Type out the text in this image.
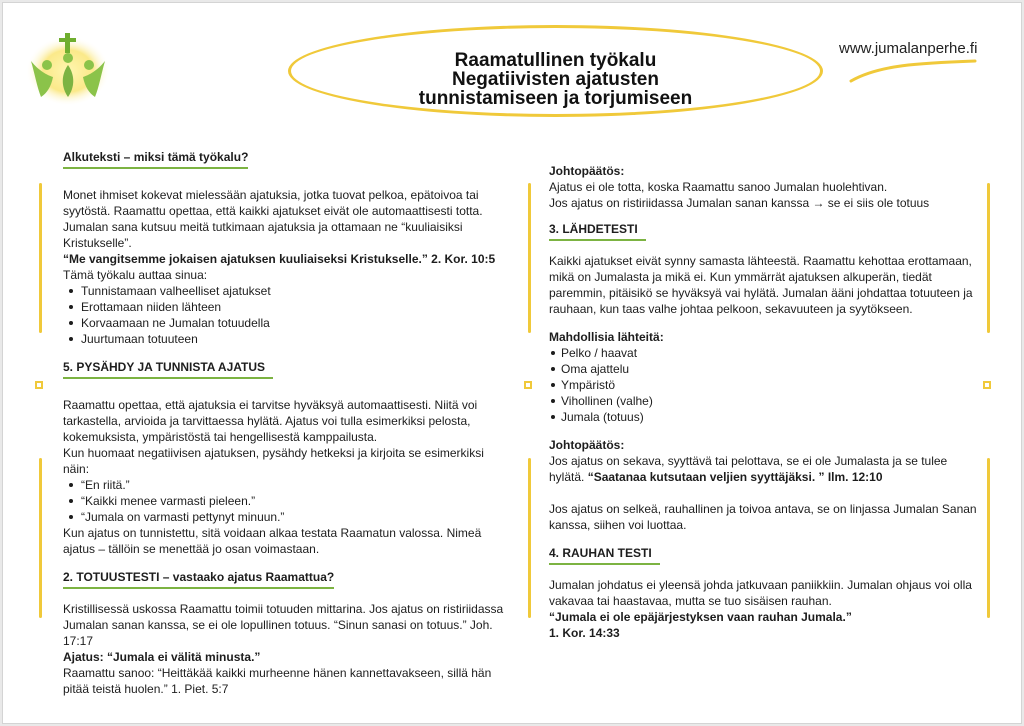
Raamatullinen työkalu
Negatiivisten ajatusten
tunnistamiseen ja torjumiseen
www.jumalanperhe.fi
Alkuteksti – miksi tämä työkalu?

Monet ihmiset kokevat mielessään ajatuksia, jotka tuovat pelkoa, epätoivoa tai syytöstä. Raamattu opettaa, että kaikki ajatukset eivät ole automaattisesti totta. Jumalan sana kutsuu meitä tutkimaan ajatuksia ja ottamaan ne “kuuliaisiksi Kristukselle”.

“Me vangitsemme jokaisen ajatuksen kuuliaiseksi Kristukselle.” 2. Kor. 10:5

Tämä työkalu auttaa sinua:

Tunnistamaan valheelliset ajatukset
Erottamaan niiden lähteen
Korvaamaan ne Jumalan totuudella
Juurtumaan totuuteen
5. PYSÄHDY JA TUNNISTA AJATUS

Raamattu opettaa, että ajatuksia ei tarvitse hyväksyä automaattisesti. Niitä voi tarkastella, arvioida ja tarvittaessa hylätä. Ajatus voi tulla esimerkiksi pelosta, kokemuksista, ympäristöstä tai hengellisestä kamppailusta.

Kun huomaat negatiivisen ajatuksen, pysähdy hetkeksi ja kirjoita se esimerkiksi näin:

“En riitä.”
“Kaikki menee varmasti pieleen.”
“Jumala on varmasti pettynyt minuun.”

Kun ajatus on tunnistettu, sitä voidaan alkaa testata Raamatun valossa. Nimeä ajatus – tällöin se menettää jo osan voimastaan.

2. TOTUUSTESTI – vastaako ajatus Raamattua?

Kristillisessä uskossa Raamattu toimii totuuden mittarina. Jos ajatus on ristiriidassa Jumalan sanan kanssa, se ei ole lopullinen totuus. “Sinun sanasi on totuus.” Joh. 17:17

Ajatus: “Jumala ei välitä minusta.”

Raamattu sanoo: “Heittäkää kaikki murheenne hänen kannettavakseen, sillä hän pitää teistä huolen.” 1. Piet. 5:7

Johtopäätös:

Ajatus ei ole totta, koska Raamattu sanoo Jumalan huolehtivan.

Jos ajatus on ristiriidassa Jumalan sanan kanssa → se ei siis ole totuus

3. LÄHDETESTI

Kaikki ajatukset eivät synny samasta lähteestä. Raamattu kehottaa erottamaan, mikä on Jumalasta ja mikä ei. Kun ymmärrät ajatuksen alkuperän, tiedät paremmin, pitäisikö se hyväksyä vai hylätä. Jumalan ääni johdattaa totuuteen ja rauhaan, kun taas valhe johtaa pelkoon, sekavuuteen ja syytökseen.

Mahdollisia lähteitä:

Pelko / haavat
Oma ajattelu
Ympäristö
Vihollinen (valhe)
Jumala (totuus)

Johtopäätös:

Jos ajatus on sekava, syyttävä tai pelottava, se ei ole Jumalasta ja se tulee hylätä. “Saatanaa kutsutaan veljien syyttäjäksi. ” Ilm. 12:10

Jos ajatus on selkeä, rauhallinen ja toivoa antava, se on linjassa Jumalan Sanan kanssa, siihen voi luottaa.

4. RAUHAN TESTI

Jumalan johdatus ei yleensä johda jatkuvaan paniikkiin. Jumalan ohjaus voi olla vakavaa tai haastavaa, mutta se tuo sisäisen rauhan.

“Jumala ei ole epäjärjestyksen vaan rauhan Jumala.”

1. Kor. 14:33
